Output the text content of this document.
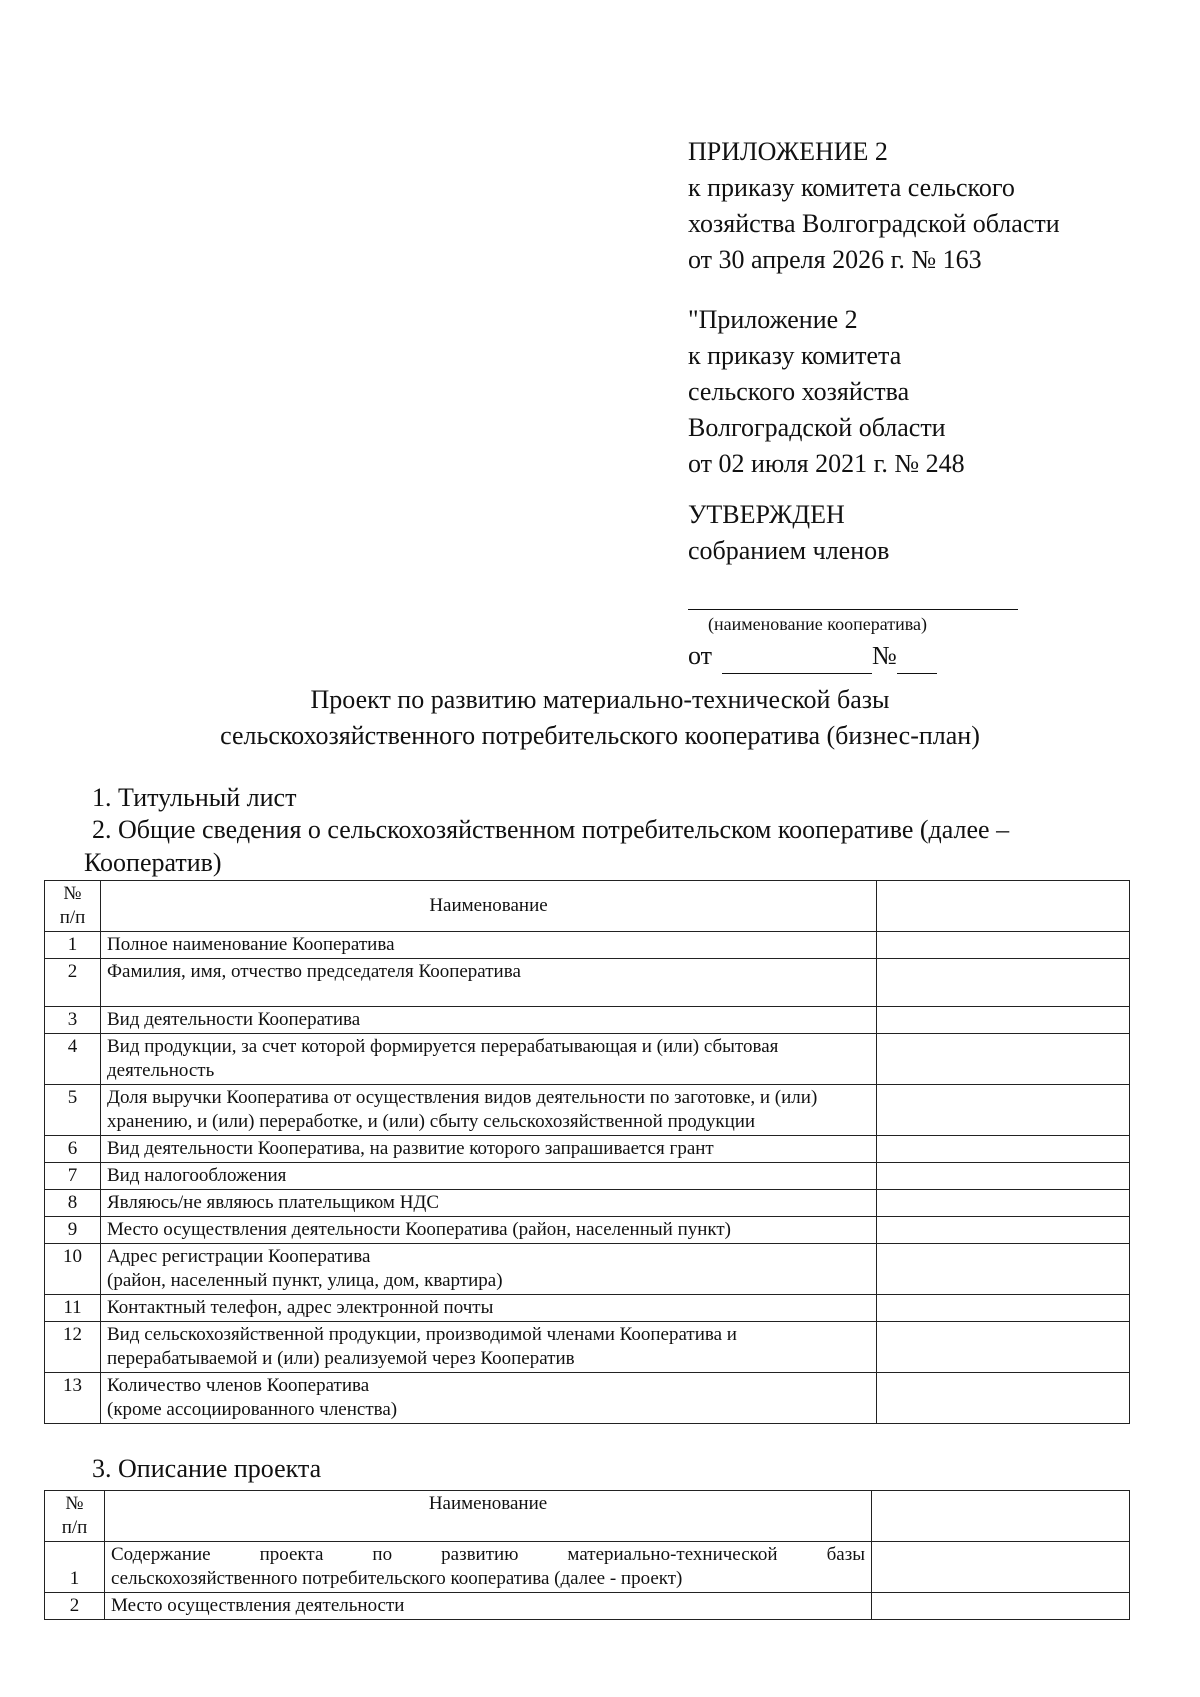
ПРИЛОЖЕНИЕ 2
к приказу комитета сельского
хозяйства Волгоградской области
от 30 апреля 2026 г. № 163
"Приложение 2
к приказу комитета
сельского хозяйства
Волгоградской области
от 02 июля 2021 г. № 248
УТВЕРЖДЕН
собранием членов
(наименование кооператива)
от	№
Проект по развитию материально-технической базы
сельскохозяйственного потребительского кооператива (бизнес-план)
1. Титульный лист
2. Общие сведения о сельскохозяйственном потребительском кооперативе (далее –
Кооператив)
№
п/п	Наименование	
1	Полное наименование Кооператива	
2	Фамилия, имя, отчество председателя Кооператива	
3	Вид деятельности Кооператива	
4	Вид продукции, за счет которой формируется перерабатывающая и (или) сбытовая деятельность	
5	Доля выручки Кооператива от осуществления видов деятельности по заготовке, и (или) хранению, и (или) переработке, и (или) сбыту сельскохозяйственной продукции	
6	Вид деятельности Кооператива, на развитие которого запрашивается грант	
7	Вид налогообложения	
8	Являюсь/не являюсь плательщиком НДС	
9	Место осуществления деятельности Кооператива (район, населенный пункт)	
10	Адрес регистрации Кооператива
(район, населенный пункт, улица, дом, квартира)	

11	Контактный телефон, адрес электронной почты	
12	Вид сельскохозяйственной продукции, производимой членами Кооператива и перерабатываемой и (или) реализуемой через Кооператив	
13	Количество членов Кооператива
(кроме ассоциированного членства)	

3. Описание проекта
№
п/п	Наименование	
1	Содержание проекта по развитию материально-технической базы
сельскохозяйственного потребительского кооператива (далее - проект)	

2	Место осуществления деятельности	
